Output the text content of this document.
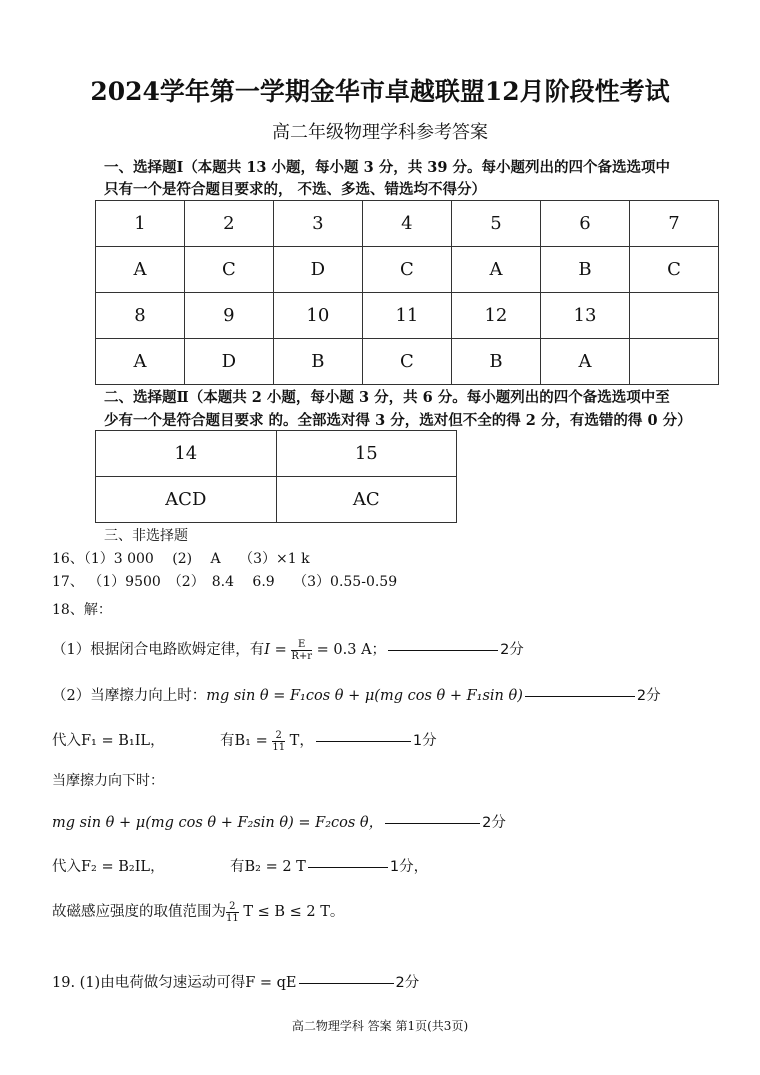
2024学年第一学期金华市卓越联盟12月阶段性考试
高二年级物理学科参考答案
一、选择题Ⅰ（本题共 13 小题，每小题 3 分，共 39 分。每小题列出的四个备选选项中
只有一个是符合题目要求的， 不选、多选、错选均不得分）
1	2	3	4	5	6	7
A	C	D	C	A	B	C
8	9	10	11	12	13	
A	D	B	C	B	A	
二、选择题Ⅱ（本题共 2 小题，每小题 3 分，共 6 分。每小题列出的四个备选选项中至
少有一个是符合题目要求 的。全部选对得 3 分，选对但不全的得 2 分，有选错的得 0 分）
14	15
ACD	AC
三、非选择题
16、（1）3 000　 (2)　 A　 （3）×1 k
17、 （1）9500　（2）　8.4　 6.9　 （3）0.55-0.59
18、解：
（1）根据闭合电路欧姆定律，有$I = \frac{E}{R+r} = 0.3$ A；	2分
（2）当摩擦力向上时：mg sin θ = F₁cos θ + μ(mg cos θ + F₁sin θ)	2分
代入F₁ = B₁IL，	有$B_1 = \frac{2}{11}$ T，	1分
当摩擦力向下时：
mg sin θ + μ(mg cos θ + F₂sin θ) = F₂cos θ，	2分
代入F₂ = B₂IL，	有B₂ = 2 T	1分，
故磁感应强度的取值范围为 $\frac{2}{11}$ T ≤ B ≤ 2 T。
19. (1)由电荷做匀速运动可得F = qE	2分
高二物理学科 答案 第1页(共3页)
